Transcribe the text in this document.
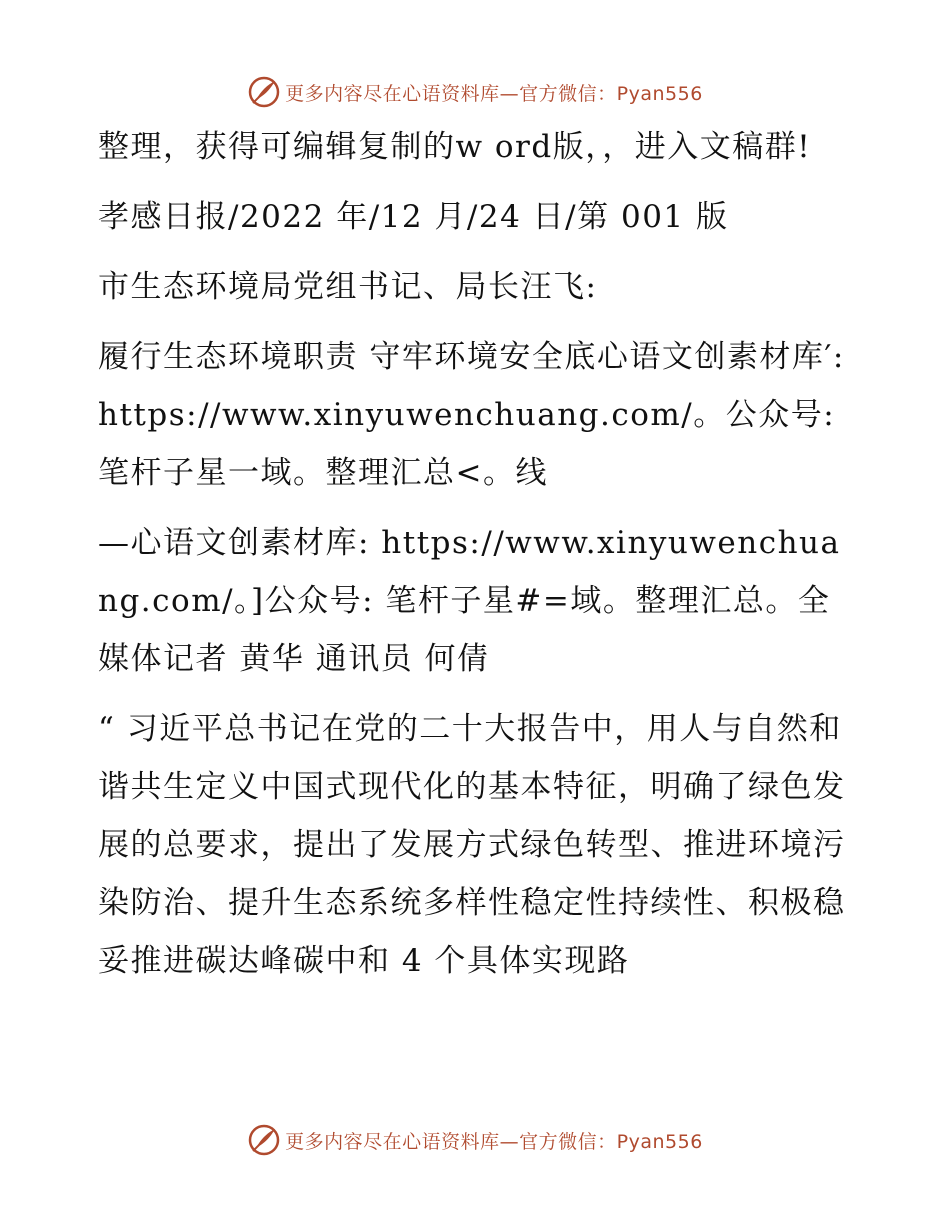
更多内容尽在心语资料库—官方微信：Pyan556

整理，获得可编辑复制的w ord版，，进入文稿群!

孝感日报/2022 年/12 月/24 日/第 001 版

市生态环境局党组书记、局长汪飞:

履行生态环境职责 守牢环境安全底心语文创素材库′: https://www.xinyuwenchuang.com/。公众号: 笔杆子星一域。整理汇总<。线

—心语文创素材库: https://www.xinyuwenchuang.com/。]公众号: 笔杆子星#=域。整理汇总。全媒体记者 黄华 通讯员 何倩

“ 习近平总书记在党的二十大报告中，用人与自然和谐共生定义中国式现代化的基本特征，明确了绿色发展的总要求，提出了发展方式绿色转型、推进环境污染防治、提升生态系统多样性稳定性持续性、积极稳妥推进碳达峰碳中和 4 个具体实现路

更多内容尽在心语资料库—官方微信：Pyan556
